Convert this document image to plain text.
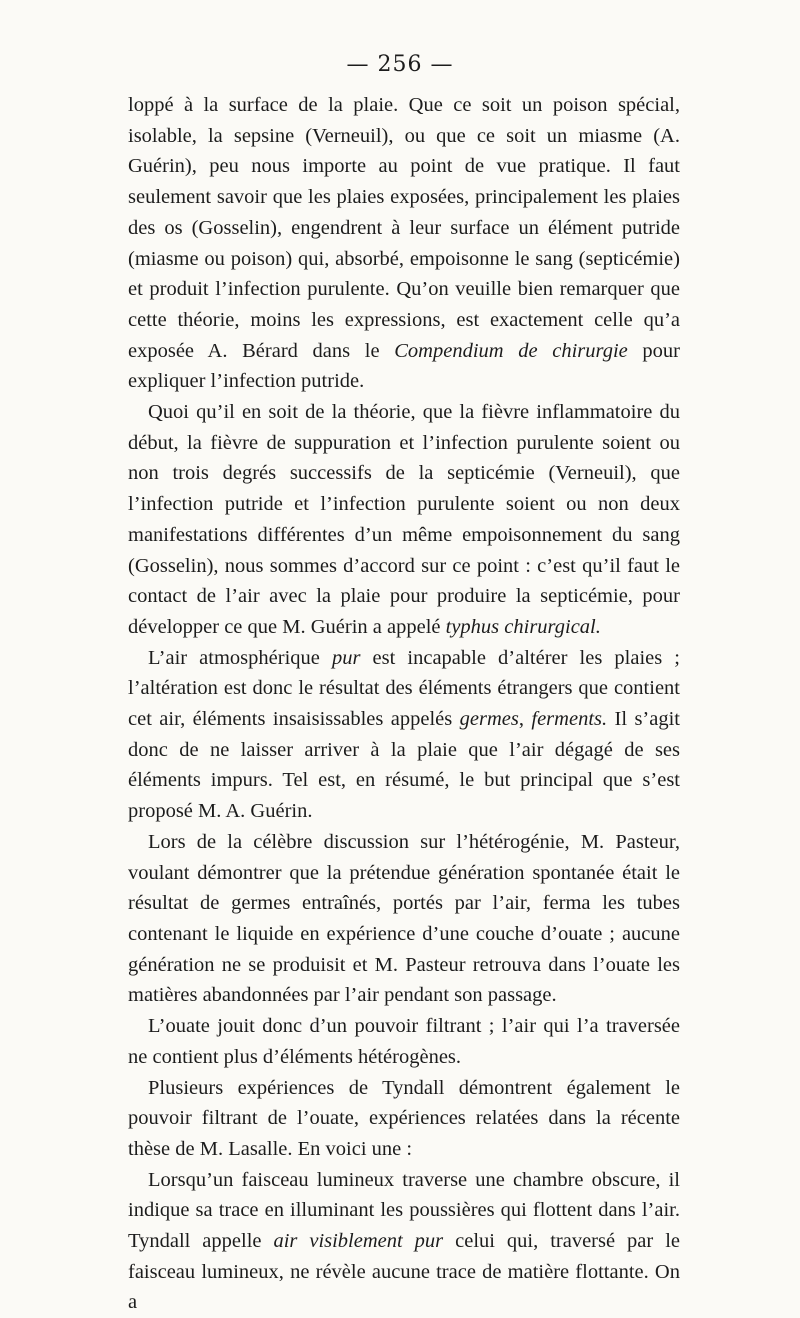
— 256 —

loppé à la surface de la plaie. Que ce soit un poison spécial, isolable, la sepsine (Verneuil), ou que ce soit un miasme (A. Guérin), peu nous importe au point de vue pratique. Il faut seulement savoir que les plaies exposées, principalement les plaies des os (Gosselin), engendrent à leur surface un élément putride (miasme ou poison) qui, absorbé, empoisonne le sang (septicémie) et produit l’infection purulente. Qu’on veuille bien remarquer que cette théorie, moins les expressions, est exactement celle qu’a exposée A. Bérard dans le Compendium de chirurgie pour expliquer l’infection putride.

Quoi qu’il en soit de la théorie, que la fièvre inflammatoire du début, la fièvre de suppuration et l’infection purulente soient ou non trois degrés successifs de la septicémie (Verneuil), que l’infection putride et l’infection purulente soient ou non deux manifestations différentes d’un même empoisonnement du sang (Gosselin), nous sommes d’accord sur ce point : c’est qu’il faut le contact de l’air avec la plaie pour produire la septicémie, pour développer ce que M. Guérin a appelé typhus chirurgical.

L’air atmosphérique pur est incapable d’altérer les plaies ; l’altération est donc le résultat des éléments étrangers que contient cet air, éléments insaisissables appelés germes, ferments. Il s’agit donc de ne laisser arriver à la plaie que l’air dégagé de ses éléments impurs. Tel est, en résumé, le but principal que s’est proposé M. A. Guérin.

Lors de la célèbre discussion sur l’hétérogénie, M. Pasteur, voulant démontrer que la prétendue génération spontanée était le résultat de germes entraînés, portés par l’air, ferma les tubes contenant le liquide en expérience d’une couche d’ouate ; aucune génération ne se produisit et M. Pasteur retrouva dans l’ouate les matières abandonnées par l’air pendant son passage.

L’ouate jouit donc d’un pouvoir filtrant ; l’air qui l’a traversée ne contient plus d’éléments hétérogènes.

Plusieurs expériences de Tyndall démontrent également le pouvoir filtrant de l’ouate, expériences relatées dans la récente thèse de M. Lasalle. En voici une :

Lorsqu’un faisceau lumineux traverse une chambre obscure, il indique sa trace en illuminant les poussières qui flottent dans l’air. Tyndall appelle air visiblement pur celui qui, traversé par le faisceau lumineux, ne révèle aucune trace de matière flottante. On a
